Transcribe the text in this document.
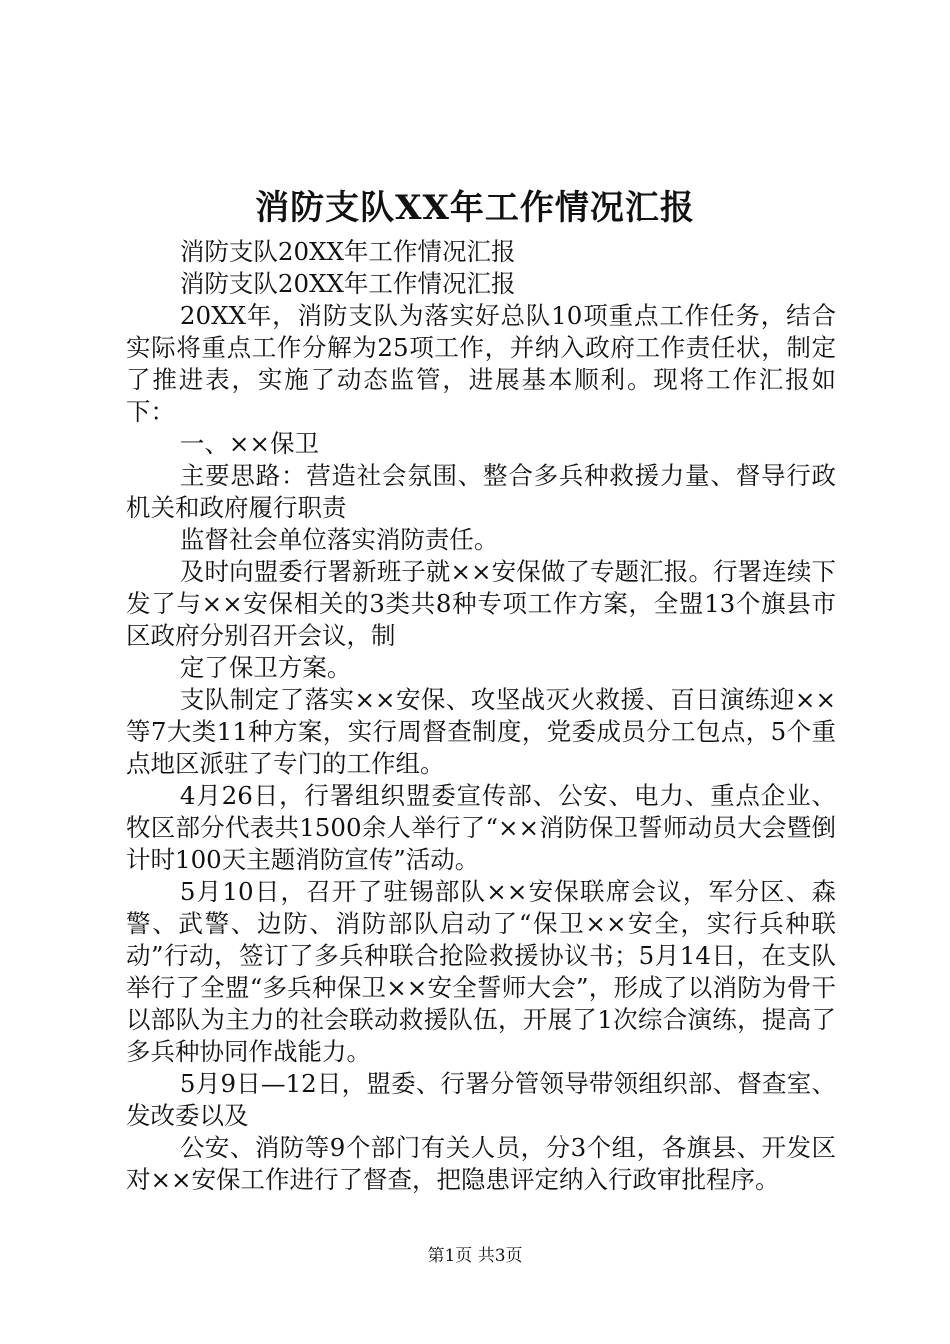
消防支队XX年工作情况汇报

消防支队20XX年工作情况汇报

消防支队20XX年工作情况汇报

20XX年，消防支队为落实好总队10项重点工作任务，结合实际将重点工作分解为25项工作，并纳入政府工作责任状，制定了推进表，实施了动态监管，进展基本顺利。现将工作汇报如下：

一、××保卫

主要思路：营造社会氛围、整合多兵种救援力量、督导行政机关和政府履行职责

监督社会单位落实消防责任。

及时向盟委行署新班子就××安保做了专题汇报。行署连续下发了与××安保相关的3类共8种专项工作方案，全盟13个旗县市区政府分别召开会议，制

定了保卫方案。

支队制定了落实××安保、攻坚战灭火救援、百日演练迎××等7大类11种方案，实行周督查制度，党委成员分工包点，5个重点地区派驻了专门的工作组。

4月26日，行署组织盟委宣传部、公安、电力、重点企业、牧区部分代表共1500余人举行了“××消防保卫誓师动员大会暨倒计时100天主题消防宣传”活动。

5月10日，召开了驻锡部队××安保联席会议，军分区、森警、武警、边防、消防部队启动了“保卫××安全，实行兵种联动”行动，签订了多兵种联合抢险救援协议书；5月14日，在支队举行了全盟“多兵种保卫××安全誓师大会”，形成了以消防为骨干以部队为主力的社会联动救援队伍，开展了1次综合演练，提高了多兵种协同作战能力。

5月9日—12日，盟委、行署分管领导带领组织部、督查室、发改委以及

公安、消防等9个部门有关人员，分3个组，各旗县、开发区对××安保工作进行了督查，把隐患评定纳入行政审批程序。

第1页 共3页
